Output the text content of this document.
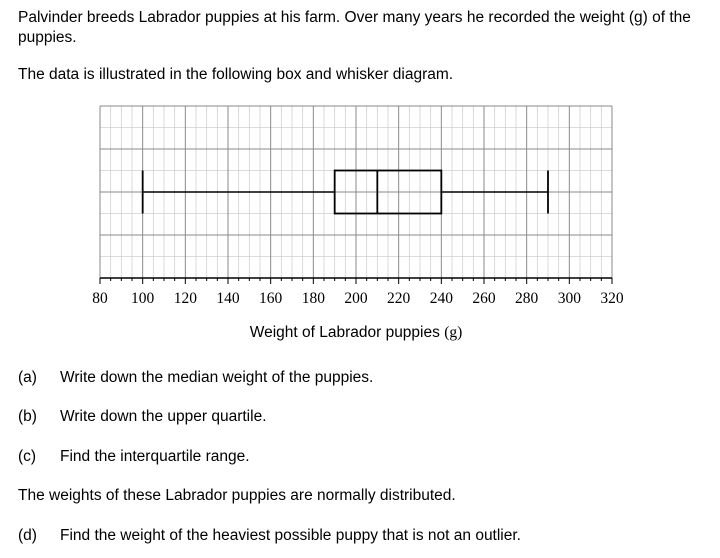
Palvinder breeds Labrador puppies at his farm. Over many years he recorded the weight (g) of the puppies.

The data is illustrated in the following box and whisker diagram.

80 100 120 140 160 180 200 220 240 260 280 300 320

Weight of Labrador puppies (g)

(a) Write down the median weight of the puppies.

(b) Write down the upper quartile.

(c) Find the interquartile range.

The weights of these Labrador puppies are normally distributed.

(d) Find the weight of the heaviest possible puppy that is not an outlier.
